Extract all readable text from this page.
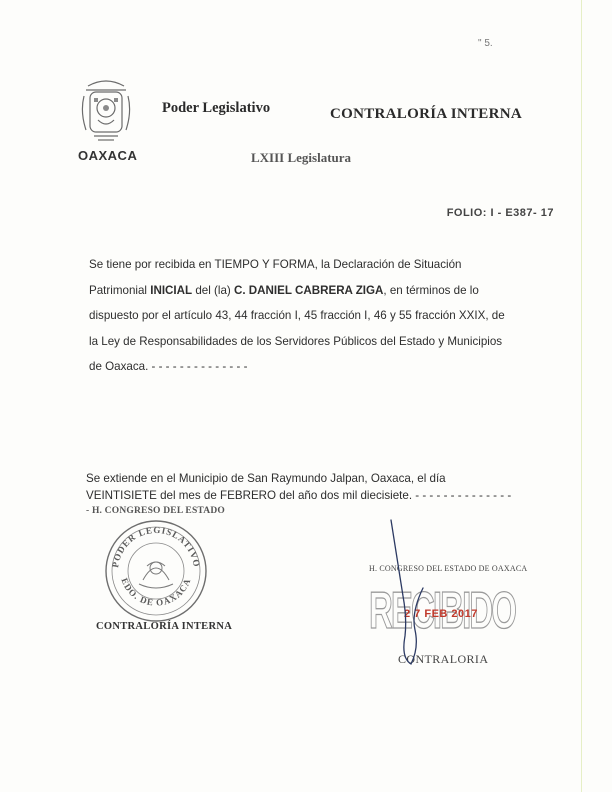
" 5.
OAXACA
Poder Legislativo	CONTRALORÍA INTERNA
LXIII Legislatura
FOLIO: I - E387- 17
Se tiene por recibida en TIEMPO Y FORMA, la Declaración de Situación
Patrimonial INICIAL del (la) C. DANIEL CABRERA ZIGA, en términos de lo
dispuesto por el artículo 43, 44 fracción I, 45 fracción I, 46 y 55 fracción XXIX, de
la Ley de Responsabilidades de los Servidores Públicos del Estado y Municipios
de Oaxaca. - - - - - - - - - - - - - -
Se extiende en el Municipio de San Raymundo Jalpan, Oaxaca, el día
VEINTISIETE del mes de FEBRERO del año dos mil diecisiete. - - - - - - - - - - - - - -
- H. CONGRESO DEL ESTADO
PODER LEGISLATIVO
EDO. DE OAXACA
CONTRALORÍA INTERNA
H. CONGRESO DEL ESTADO DE OAXACA
RECIBIDO
2 7 FEB 2017
CONTRALORIA
